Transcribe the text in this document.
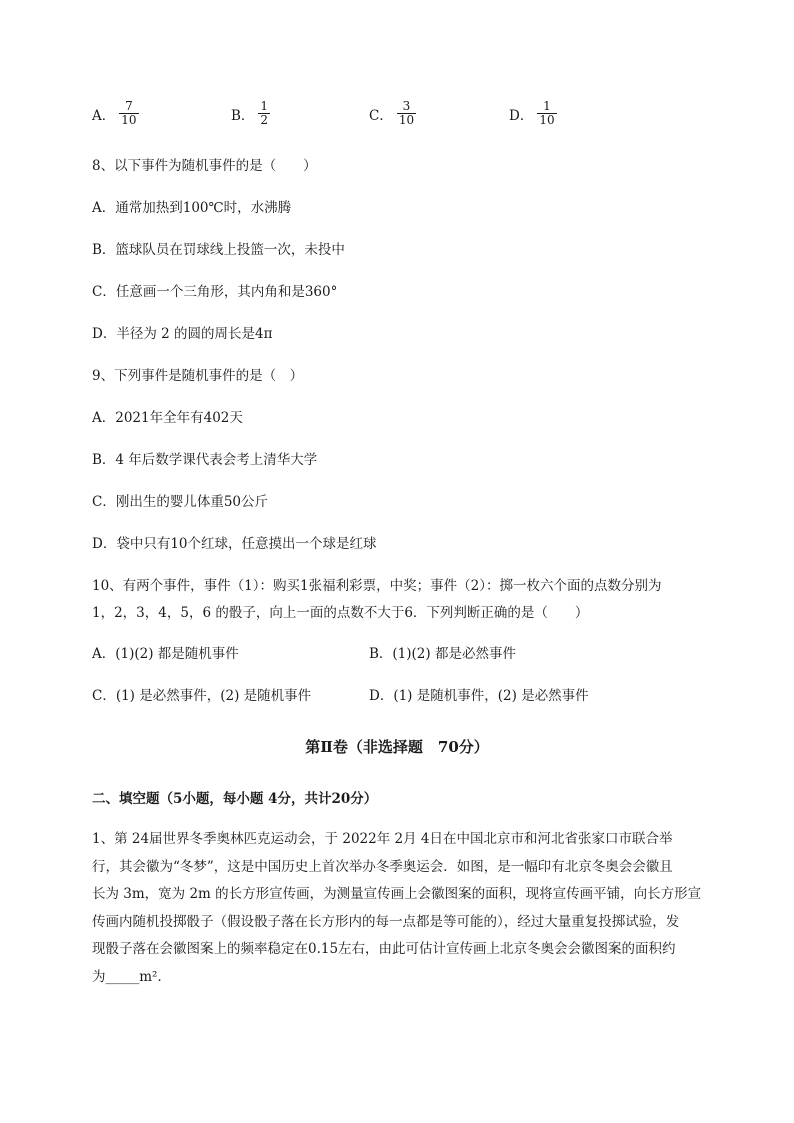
A． $\frac{7}{10}$	B． $\frac{1}{2}$	C． $\frac{3}{10}$	D． $\frac{1}{10}$
8、以下事件为随机事件的是（　　）
A．通常加热到100℃时，水沸腾
B．篮球队员在罚球线上投篮一次，未投中
C．任意画一个三角形，其内角和是360°
D．半径为 2 的圆的周长是4π
9、下列事件是随机事件的是（　）
A．2021年全年有402天
B．4 年后数学课代表会考上清华大学
C．刚出生的婴儿体重50公斤
D．袋中只有10个红球，任意摸出一个球是红球
10、有两个事件，事件（1）：购买1张福利彩票，中奖；事件（2）：掷一枚六个面的点数分别为
1，2，3，4，5，6 的骰子，向上一面的点数不大于6．下列判断正确的是（　　）
A．(1)(2) 都是随机事件	B．(1)(2) 都是必然事件
C．(1) 是必然事件，(2) 是随机事件	D．(1) 是随机事件，(2) 是必然事件
第Ⅱ卷（非选择题　70分）
二、填空题（5小题，每小题 4分，共计20分）
1、第 24届世界冬季奥林匹克运动会，于 2022年 2月 4日在中国北京市和河北省张家口市联合举
行，其会徽为“冬梦”，这是中国历史上首次举办冬季奥运会．如图，是一幅印有北京冬奥会会徽且
长为 3m，宽为 2m 的长方形宣传画，为测量宣传画上会徽图案的面积，现将宣传画平铺，向长方形宣
传画内随机投掷骰子（假设骰子落在长方形内的每一点都是等可能的），经过大量重复投掷试验，发
现骰子落在会徽图案上的频率稳定在0.15左右，由此可估计宣传画上北京冬奥会会徽图案的面积约
为_____m²．
